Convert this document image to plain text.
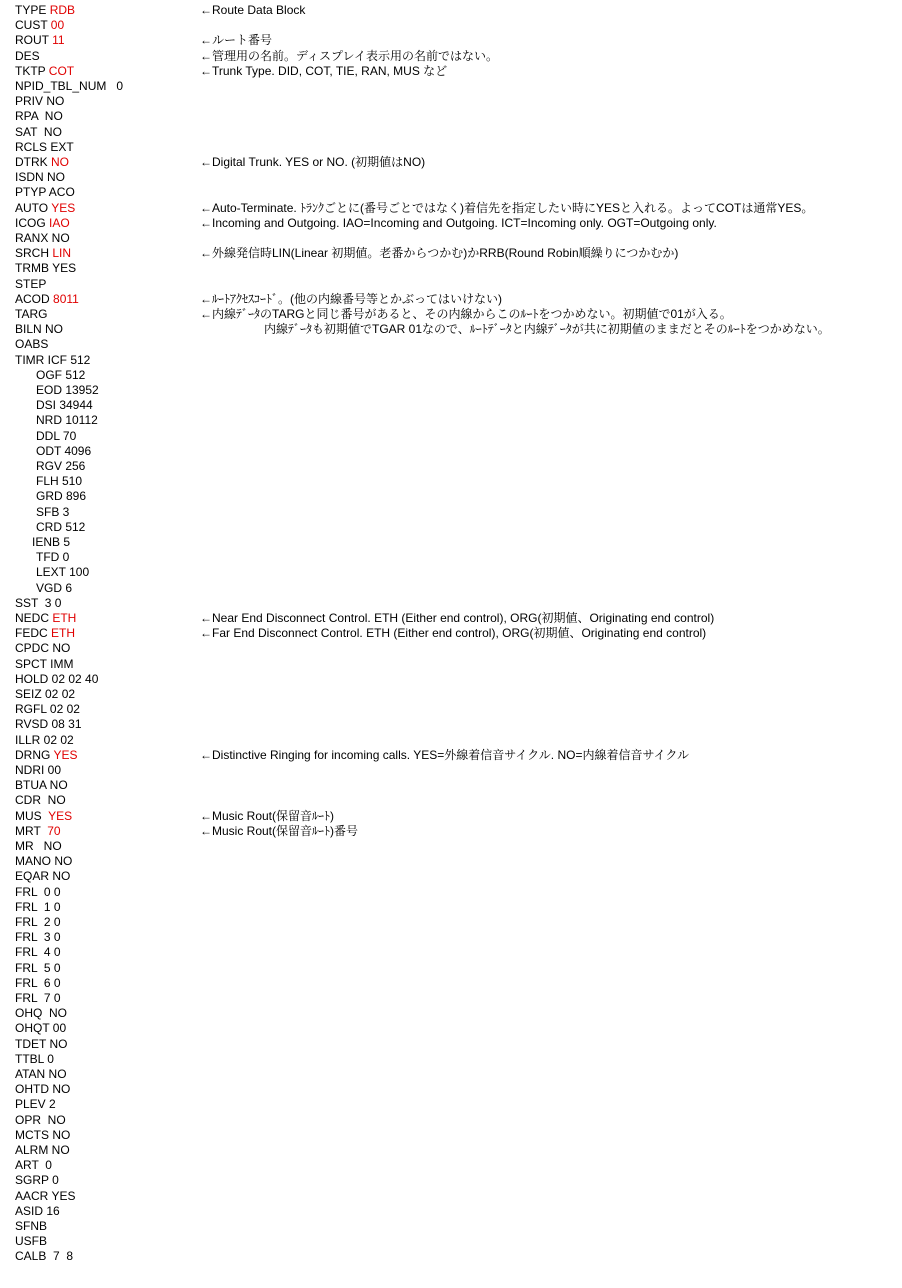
TYPE RDB	←Route Data Block
CUST 00
ROUT 11	←ルート番号
DES	←管理用の名前。ディスプレイ表示用の名前ではない。
TKTP COT	←Trunk Type. DID, COT, TIE, RAN, MUS など
NPID_TBL_NUM   0
PRIV NO
RPA  NO
SAT  NO
RCLS EXT
DTRK NO	←Digital Trunk. YES or NO. (初期値はNO)
ISDN NO
PTYP ACO
AUTO YES	←Auto-Terminate. ﾄﾗﾝｸごとに(番号ごとではなく)着信先を指定したい時にYESと入れる。よってCOTは通常YES。
ICOG IAO	←Incoming and Outgoing. IAO=Incoming and Outgoing. ICT=Incoming only. OGT=Outgoing only.
RANX NO
SRCH LIN	←外線発信時LIN(Linear 初期値。老番からつかむ)かRRB(Round Robin順繰りにつかむか)
TRMB YES
STEP
ACOD 8011	←ﾙｰﾄｱｸｾｽｺｰﾄﾞ。(他の内線番号等とかぶってはいけない)
TARG	←内線ﾃﾞｰﾀのTARGと同じ番号があると、その内線からこのﾙｰﾄをつかめない。初期値で01が入る。
BILN NO	内線ﾃﾞｰﾀも初期値でTGAR 01なので、ﾙｰﾄﾃﾞｰﾀと内線ﾃﾞｰﾀが共に初期値のままだとそのﾙｰﾄをつかめない。
OABS
TIMR ICF 512
OGF 512
EOD 13952
DSI 34944
NRD 10112
DDL 70
ODT 4096
RGV 256
FLH 510
GRD 896
SFB 3
CRD 512
IENB 5
TFD 0
LEXT 100
VGD 6
SST  3 0
NEDC ETH	←Near End Disconnect Control. ETH (Either end control), ORG(初期値、Originating end control)
FEDC ETH	←Far End Disconnect Control. ETH (Either end control), ORG(初期値、Originating end control)
CPDC NO
SPCT IMM
HOLD 02 02 40
SEIZ 02 02
RGFL 02 02
RVSD 08 31
ILLR 02 02
DRNG YES	←Distinctive Ringing for incoming calls. YES=外線着信音サイクル. NO=内線着信音サイクル
NDRI 00
BTUA NO
CDR  NO
MUS  YES	←Music Rout(保留音ﾙｰﾄ)
MRT  70	←Music Rout(保留音ﾙｰﾄ)番号
MR   NO
MANO NO
EQAR NO
FRL  0 0
FRL  1 0
FRL  2 0
FRL  3 0
FRL  4 0
FRL  5 0
FRL  6 0
FRL  7 0
OHQ  NO
OHQT 00
TDET NO
TTBL 0
ATAN NO
OHTD NO
PLEV 2
OPR  NO
MCTS NO
ALRM NO
ART  0
SGRP 0
AACR YES
ASID 16
SFNB
USFB
CALB  7  8
